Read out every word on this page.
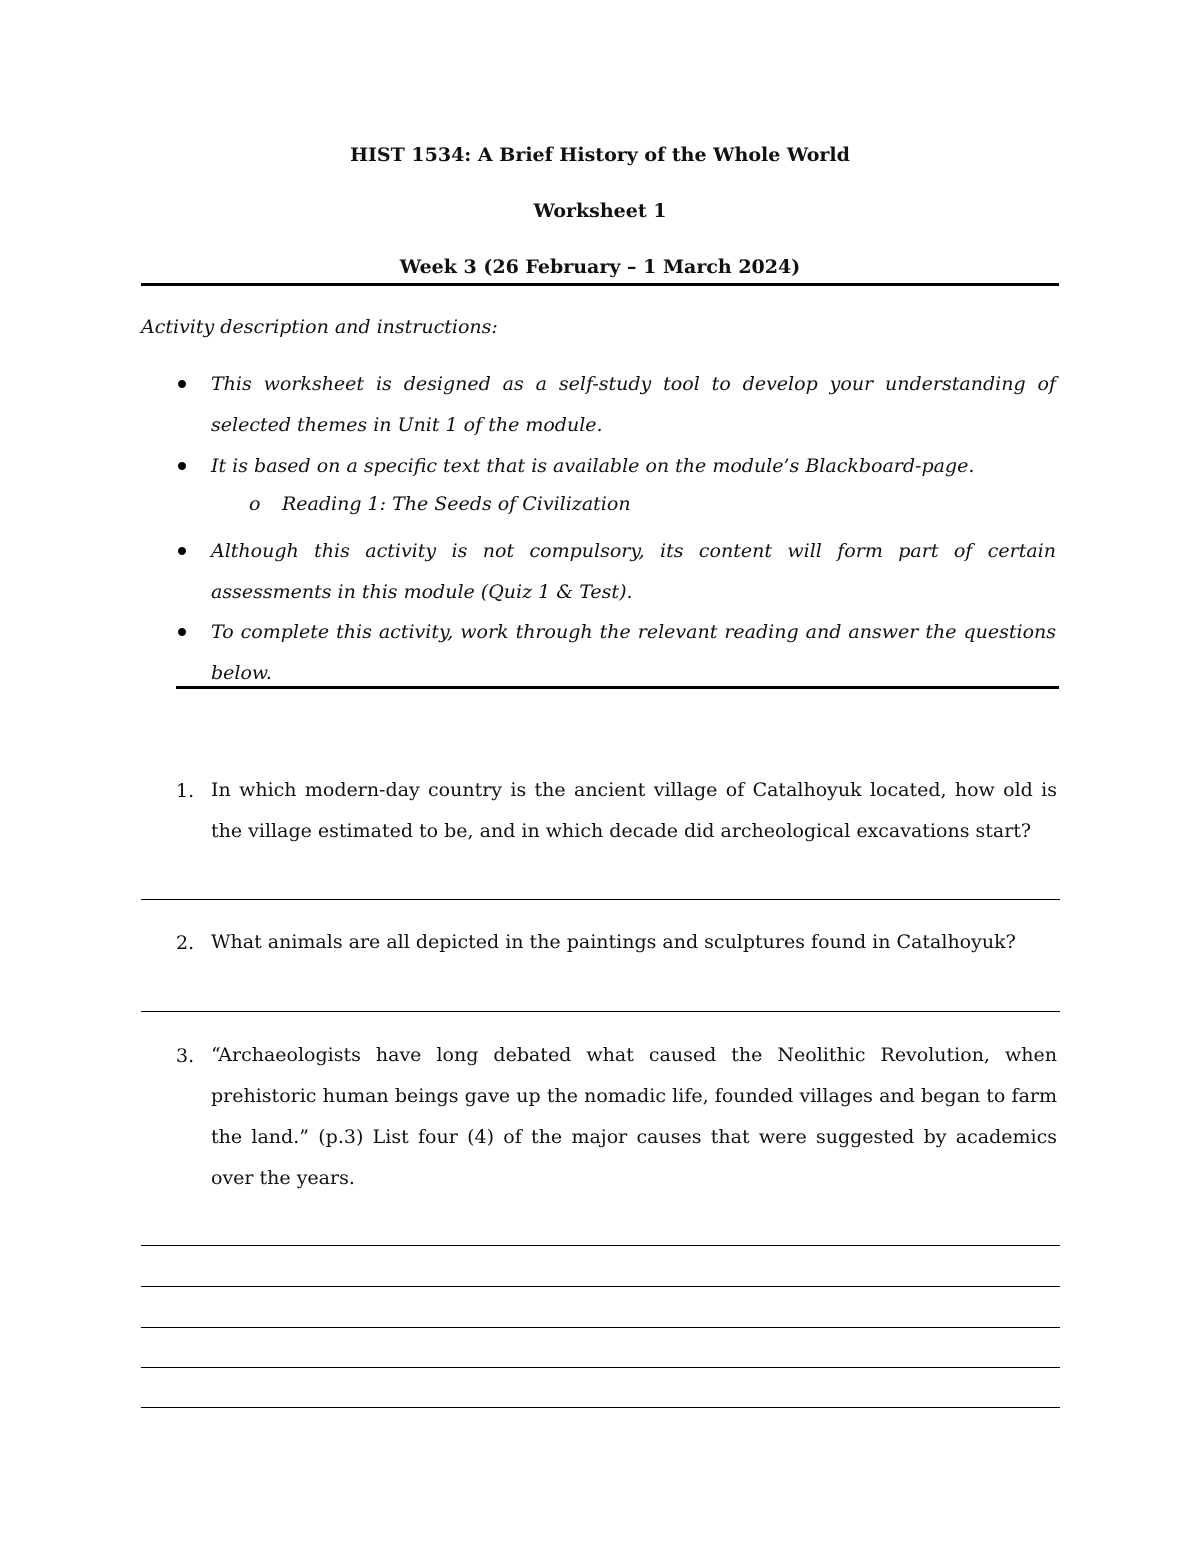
HIST 1534: A Brief History of the Whole World
Worksheet 1
Week 3 (26 February – 1 March 2024)
Activity description and instructions:
This worksheet is designed as a self-study tool to develop your understanding of selected themes in Unit 1 of the module.
It is based on a specific text that is available on the module’s Blackboard-page.
o Reading 1: The Seeds of Civilization
Although this activity is not compulsory, its content will form part of certain assessments in this module (Quiz 1 & Test).
To complete this activity, work through the relevant reading and answer the questions below.
1. In which modern-day country is the ancient village of Catalhoyuk located, how old is the village estimated to be, and in which decade did archeological excavations start?
2. What animals are all depicted in the paintings and sculptures found in Catalhoyuk?
3. “Archaeologists have long debated what caused the Neolithic Revolution, when prehistoric human beings gave up the nomadic life, founded villages and began to farm the land.” (p.3) List four (4) of the major causes that were suggested by academics over the years.
